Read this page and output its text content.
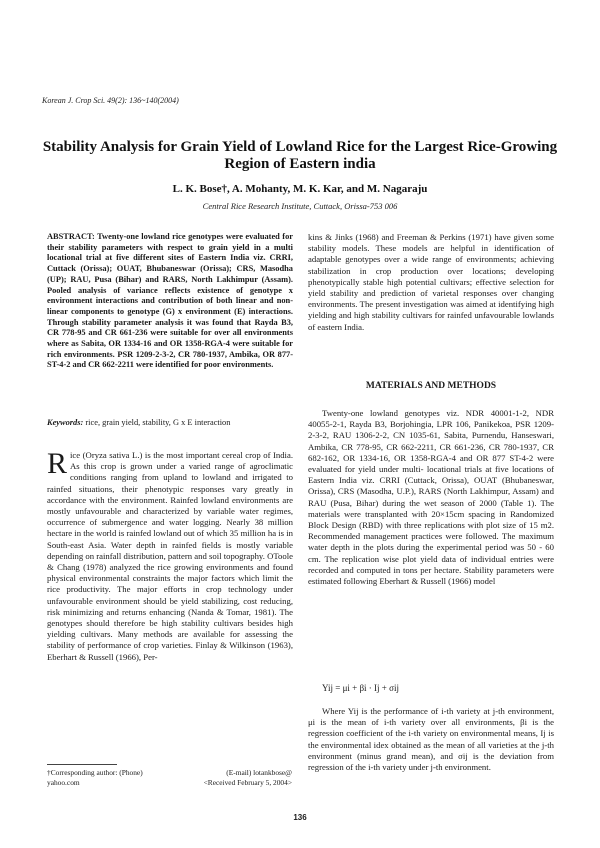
Korean J. Crop Sci. 49(2): 136~140(2004)
Stability Analysis for Grain Yield of Lowland Rice for the Largest Rice-Growing Region of Eastern india
L. K. Bose†, A. Mohanty, M. K. Kar, and M. Nagaraju
Central Rice Research Institute, Cuttack, Orissa-753 006
ABSTRACT: Twenty-one lowland rice genotypes were evaluated for their stability parameters with respect to grain yield in a multi locational trial at five different sites of Eastern India viz. CRRI, Cuttack (Orissa); OUAT, Bhubaneswar (Orissa); CRS, Masodha (UP); RAU, Pusa (Bihar) and RARS, North Lakhimpur (Assam). Pooled analysis of variance reflects existence of genotype x environment interactions and contribution of both linear and non-linear components to genotype (G) x environment (E) interactions. Through stability parameter analysis it was found that Rayda B3, CR 778-95 and CR 661-236 were suitable for over all environments where as Sabita, OR 1334-16 and OR 1358-RGA-4 were suitable for rich environments. PSR 1209-2-3-2, CR 780-1937, Ambika, OR 877-ST-4-2 and CR 662-2211 were identified for poor environments.
Keywords: rice, grain yield, stability, G x E interaction
Rice (Oryza sativa L.) is the most important cereal crop of India. As this crop is grown under a varied range of agroclimatic conditions ranging from upland to lowland and irrigated to rainfed situations, their phenotypic responses vary greatly in accordance with the environment. Rainfed lowland environments are mostly unfavourable and characterized by variable water regimes, occurrence of submergence and water logging. Nearly 38 million hectare in the world is rainfed lowland out of which 35 million ha is in South-east Asia. Water depth in rainfed fields is mostly variable depending on rainfall distribution, pattern and soil topography. OToole & Chang (1978) analyzed the rice growing environments and found physical environmental constraints the major factors which limit the rice productivity. The major efforts in crop technology under unfavourable environment should be yield stabilizing, cost reducing, risk minimizing and returns enhancing (Nanda & Tomar, 1981). The genotypes should therefore be high stability cultivars besides high yielding cultivars. Many methods are available for assessing the stability of performance of crop varieties. Finlay & Wilkinson (1963), Eberhart & Russell (1966), Per-
kins & Jinks (1968) and Freeman & Perkins (1971) have given some stability models. These models are helpful in identification of adaptable genotypes over a wide range of environments; achieving stabilization in crop production over locations; developing phenotypically stable high potential cultivars; effective selection for yield stability and prediction of varietal responses over changing environments. The present investigation was aimed at identifying high yielding and high stability cultivars for rainfed unfavourable lowlands of eastern India.
MATERIALS AND METHODS
Twenty-one lowland genotypes viz. NDR 40001-1-2, NDR 40055-2-1, Rayda B3, Borjohingia, LPR 106, Panikekoa, PSR 1209-2-3-2, RAU 1306-2-2, CN 1035-61, Sabita, Purnendu, Hanseswari, Ambika, CR 778-95, CR 662-2211, CR 661-236, CR 780-1937, CR 682-162, OR 1334-16, OR 1358-RGA-4 and OR 877 ST-4-2 were evaluated for yield under multi- locational trials at five locations of Eastern India viz. CRRI (Cuttack, Orissa), OUAT (Bhubaneswar, Orissa), CRS (Masodha, U.P.), RARS (North Lakhimpur, Assam) and RAU (Pusa, Bihar) during the wet season of 2000 (Table 1). The materials were transplanted with 20×15cm spacing in Randomized Block Design (RBD) with three replications with plot size of 15 m2. Recommended management practices were followed. The maximum water depth in the plots during the experimental period was 50 - 60 cm. The replication wise plot yield data of individual entries were recorded and computed in tons per hectare. Stability parameters were estimated following Eberhart & Russell (1966) model
Yij = μi + βi · Ij + σij
Where Yij is the performance of i-th variety at j-th environment, μi is the mean of i-th variety over all environments, βi is the regression coefficient of the i-th variety on environmental means, Ij is the environmental idex obtained as the mean of all varieties at the j-th environment (minus grand mean), and σij is the deviation from regression of the i-th variety under j-th environment.
†Corresponding author: (Phone)
yahoo.com
(E-mail) lotankbose@
<Received February 5, 2004>
136
